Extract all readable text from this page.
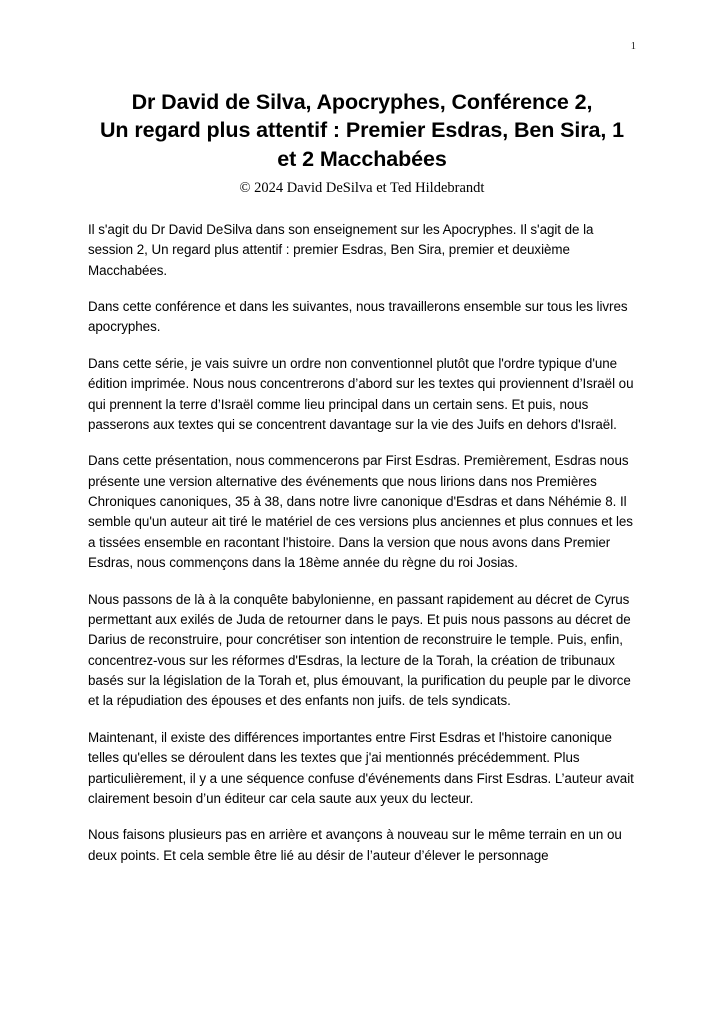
1
Dr David de Silva, Apocryphes, Conférence 2,
Un regard plus attentif : Premier Esdras, Ben Sira, 1
et 2 Macchabées
© 2024 David DeSilva et Ted Hildebrandt

Il s'agit du Dr David DeSilva dans son enseignement sur les Apocryphes. Il s'agit de la session 2, Un regard plus attentif : premier Esdras, Ben Sira, premier et deuxième Macchabées.

Dans cette conférence et dans les suivantes, nous travaillerons ensemble sur tous les livres apocryphes.

Dans cette série, je vais suivre un ordre non conventionnel plutôt que l'ordre typique d'une édition imprimée. Nous nous concentrerons d’abord sur les textes qui proviennent d’Israël ou qui prennent la terre d’Israël comme lieu principal dans un certain sens. Et puis, nous passerons aux textes qui se concentrent davantage sur la vie des Juifs en dehors d'Israël.

Dans cette présentation, nous commencerons par First Esdras. Premièrement, Esdras nous présente une version alternative des événements que nous lirions dans nos Premières Chroniques canoniques, 35 à 38, dans notre livre canonique d'Esdras et dans Néhémie 8. Il semble qu'un auteur ait tiré le matériel de ces versions plus anciennes et plus connues et les a tissées ensemble en racontant l'histoire. Dans la version que nous avons dans Premier Esdras, nous commençons dans la 18ème année du règne du roi Josias.

Nous passons de là à la conquête babylonienne, en passant rapidement au décret de Cyrus permettant aux exilés de Juda de retourner dans le pays. Et puis nous passons au décret de Darius de reconstruire, pour concrétiser son intention de reconstruire le temple. Puis, enfin, concentrez-vous sur les réformes d'Esdras, la lecture de la Torah, la création de tribunaux basés sur la législation de la Torah et, plus émouvant, la purification du peuple par le divorce et la répudiation des épouses et des enfants non juifs. de tels syndicats.

Maintenant, il existe des différences importantes entre First Esdras et l'histoire canonique telles qu'elles se déroulent dans les textes que j'ai mentionnés précédemment. Plus particulièrement, il y a une séquence confuse d'événements dans First Esdras. L’auteur avait clairement besoin d’un éditeur car cela saute aux yeux du lecteur.

Nous faisons plusieurs pas en arrière et avançons à nouveau sur le même terrain en un ou deux points. Et cela semble être lié au désir de l’auteur d’élever le personnage
